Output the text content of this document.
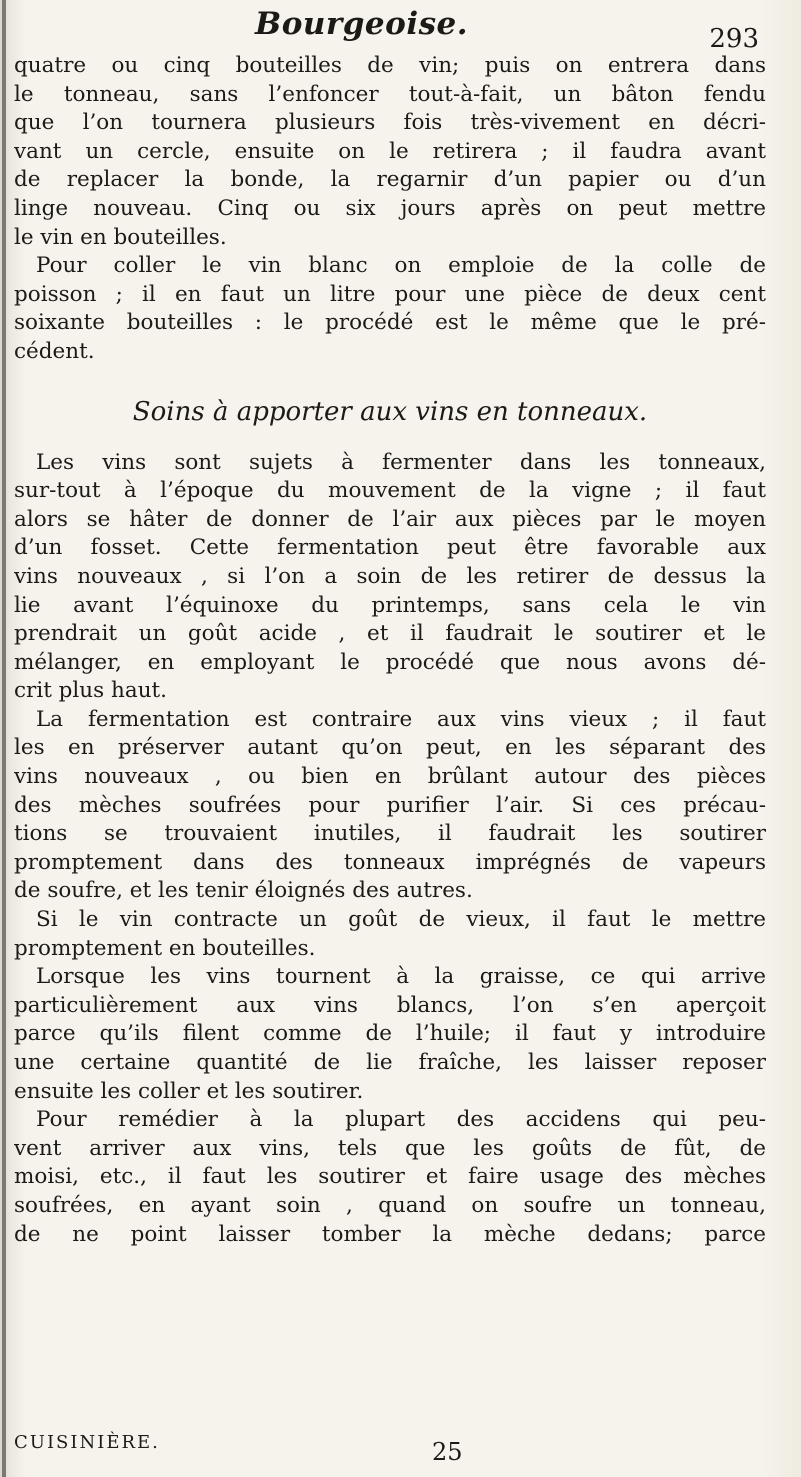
Bourgeoise.	293
quatre ou cinq bouteilles de vin; puis on entrera dans
le tonneau, sans l’enfoncer tout-à-fait, un bâton fendu
que l’on tournera plusieurs fois très-vivement en décri-
vant un cercle, ensuite on le retirera ; il faudra avant
de replacer la bonde, la regarnir d’un papier ou d’un
linge nouveau. Cinq ou six jours après on peut mettre
le vin en bouteilles.
Pour coller le vin blanc on emploie de la colle de
poisson ; il en faut un litre pour une pièce de deux cent
soixante bouteilles : le procédé est le même que le pré-
cédent.
Soins à apporter aux vins en tonneaux.
Les vins sont sujets à fermenter dans les tonneaux,
sur-tout à l’époque du mouvement de la vigne ; il faut
alors se hâter de donner de l’air aux pièces par le moyen
d’un fosset. Cette fermentation peut être favorable aux
vins nouveaux , si l’on a soin de les retirer de dessus la
lie avant l’équinoxe du printemps, sans cela le vin
prendrait un goût acide , et il faudrait le soutirer et le
mélanger, en employant le procédé que nous avons dé-
crit plus haut.
La fermentation est contraire aux vins vieux ; il faut
les en préserver autant qu’on peut, en les séparant des
vins nouveaux , ou bien en brûlant autour des pièces
des mèches soufrées pour purifier l’air. Si ces précau-
tions se trouvaient inutiles, il faudrait les soutirer
promptement dans des tonneaux imprégnés de vapeurs
de soufre, et les tenir éloignés des autres.
Si le vin contracte un goût de vieux, il faut le mettre
promptement en bouteilles.
Lorsque les vins tournent à la graisse, ce qui arrive
particulièrement aux vins blancs, l’on s’en aperçoit
parce qu’ils filent comme de l’huile; il faut y introduire
une certaine quantité de lie fraîche, les laisser reposer
ensuite les coller et les soutirer.
Pour remédier à la plupart des accidens qui peu-
vent arriver aux vins, tels que les goûts de fût, de
moisi, etc., il faut les soutirer et faire usage des mèches
soufrées, en ayant soin , quand on soufre un tonneau,
de ne point laisser tomber la mèche dedans; parce
CUISINIÈRE.	25
